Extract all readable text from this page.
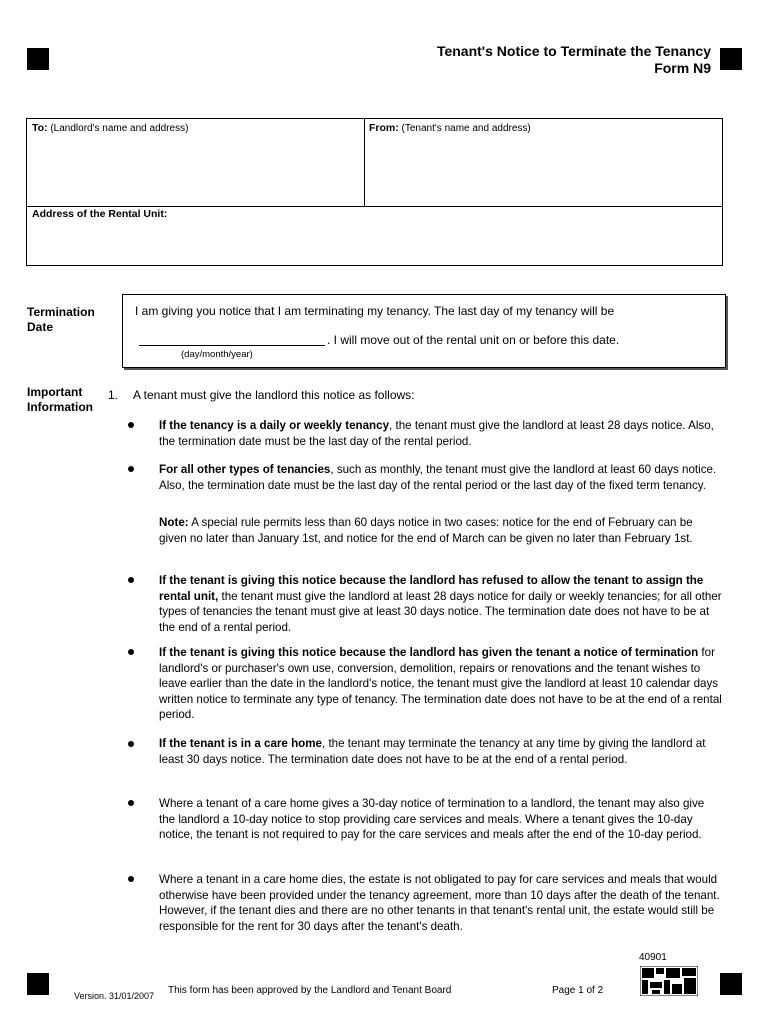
Tenant's Notice to Terminate the Tenancy
Form N9
To: (Landlord's name and address)	From: (Tenant's name and address)
Address of the Rental Unit:
Termination
Date
I am giving you notice that I am terminating my tenancy. The last day of my tenancy will be
. I will move out of the rental unit on or before this date.
(day/month/year)
Important
Information
1. A tenant must give the landlord this notice as follows:
If the tenancy is a daily or weekly tenancy, the tenant must give the landlord at least 28 days notice. Also, the termination date must be the last day of the rental period.
For all other types of tenancies, such as monthly, the tenant must give the landlord at least 60 days notice. Also, the termination date must be the last day of the rental period or the last day of the fixed term tenancy.
Note: A special rule permits less than 60 days notice in two cases: notice for the end of February can be given no later than January 1st, and notice for the end of March can be given no later than February 1st.
If the tenant is giving this notice because the landlord has refused to allow the tenant to assign the rental unit, the tenant must give the landlord at least 28 days notice for daily or weekly tenancies; for all other types of tenancies the tenant must give at least 30 days notice. The termination date does not have to be at the end of a rental period.
If the tenant is giving this notice because the landlord has given the tenant a notice of termination for landlord's or purchaser's own use, conversion, demolition, repairs or renovations and the tenant wishes to leave earlier than the date in the landlord's notice, the tenant must give the landlord at least 10 calendar days written notice to terminate any type of tenancy. The termination date does not have to be at the end of a rental period.
If the tenant is in a care home, the tenant may terminate the tenancy at any time by giving the landlord at least 30 days notice. The termination date does not have to be at the end of a rental period.
Where a tenant of a care home gives a 30-day notice of termination to a landlord, the tenant may also give the landlord a 10-day notice to stop providing care services and meals. Where a tenant gives the 10-day notice, the tenant is not required to pay for the care services and meals after the end of the 10-day period.
Where a tenant in a care home dies, the estate is not obligated to pay for care services and meals that would otherwise have been provided under the tenancy agreement, more than 10 days after the death of the tenant. However, if the tenant dies and there are no other tenants in that tenant's rental unit, the estate would still be responsible for the rent for 30 days after the tenant's death.
40901
Version. 31/01/2007 This form has been approved by the Landlord and Tenant Board	Page 1 of 2
